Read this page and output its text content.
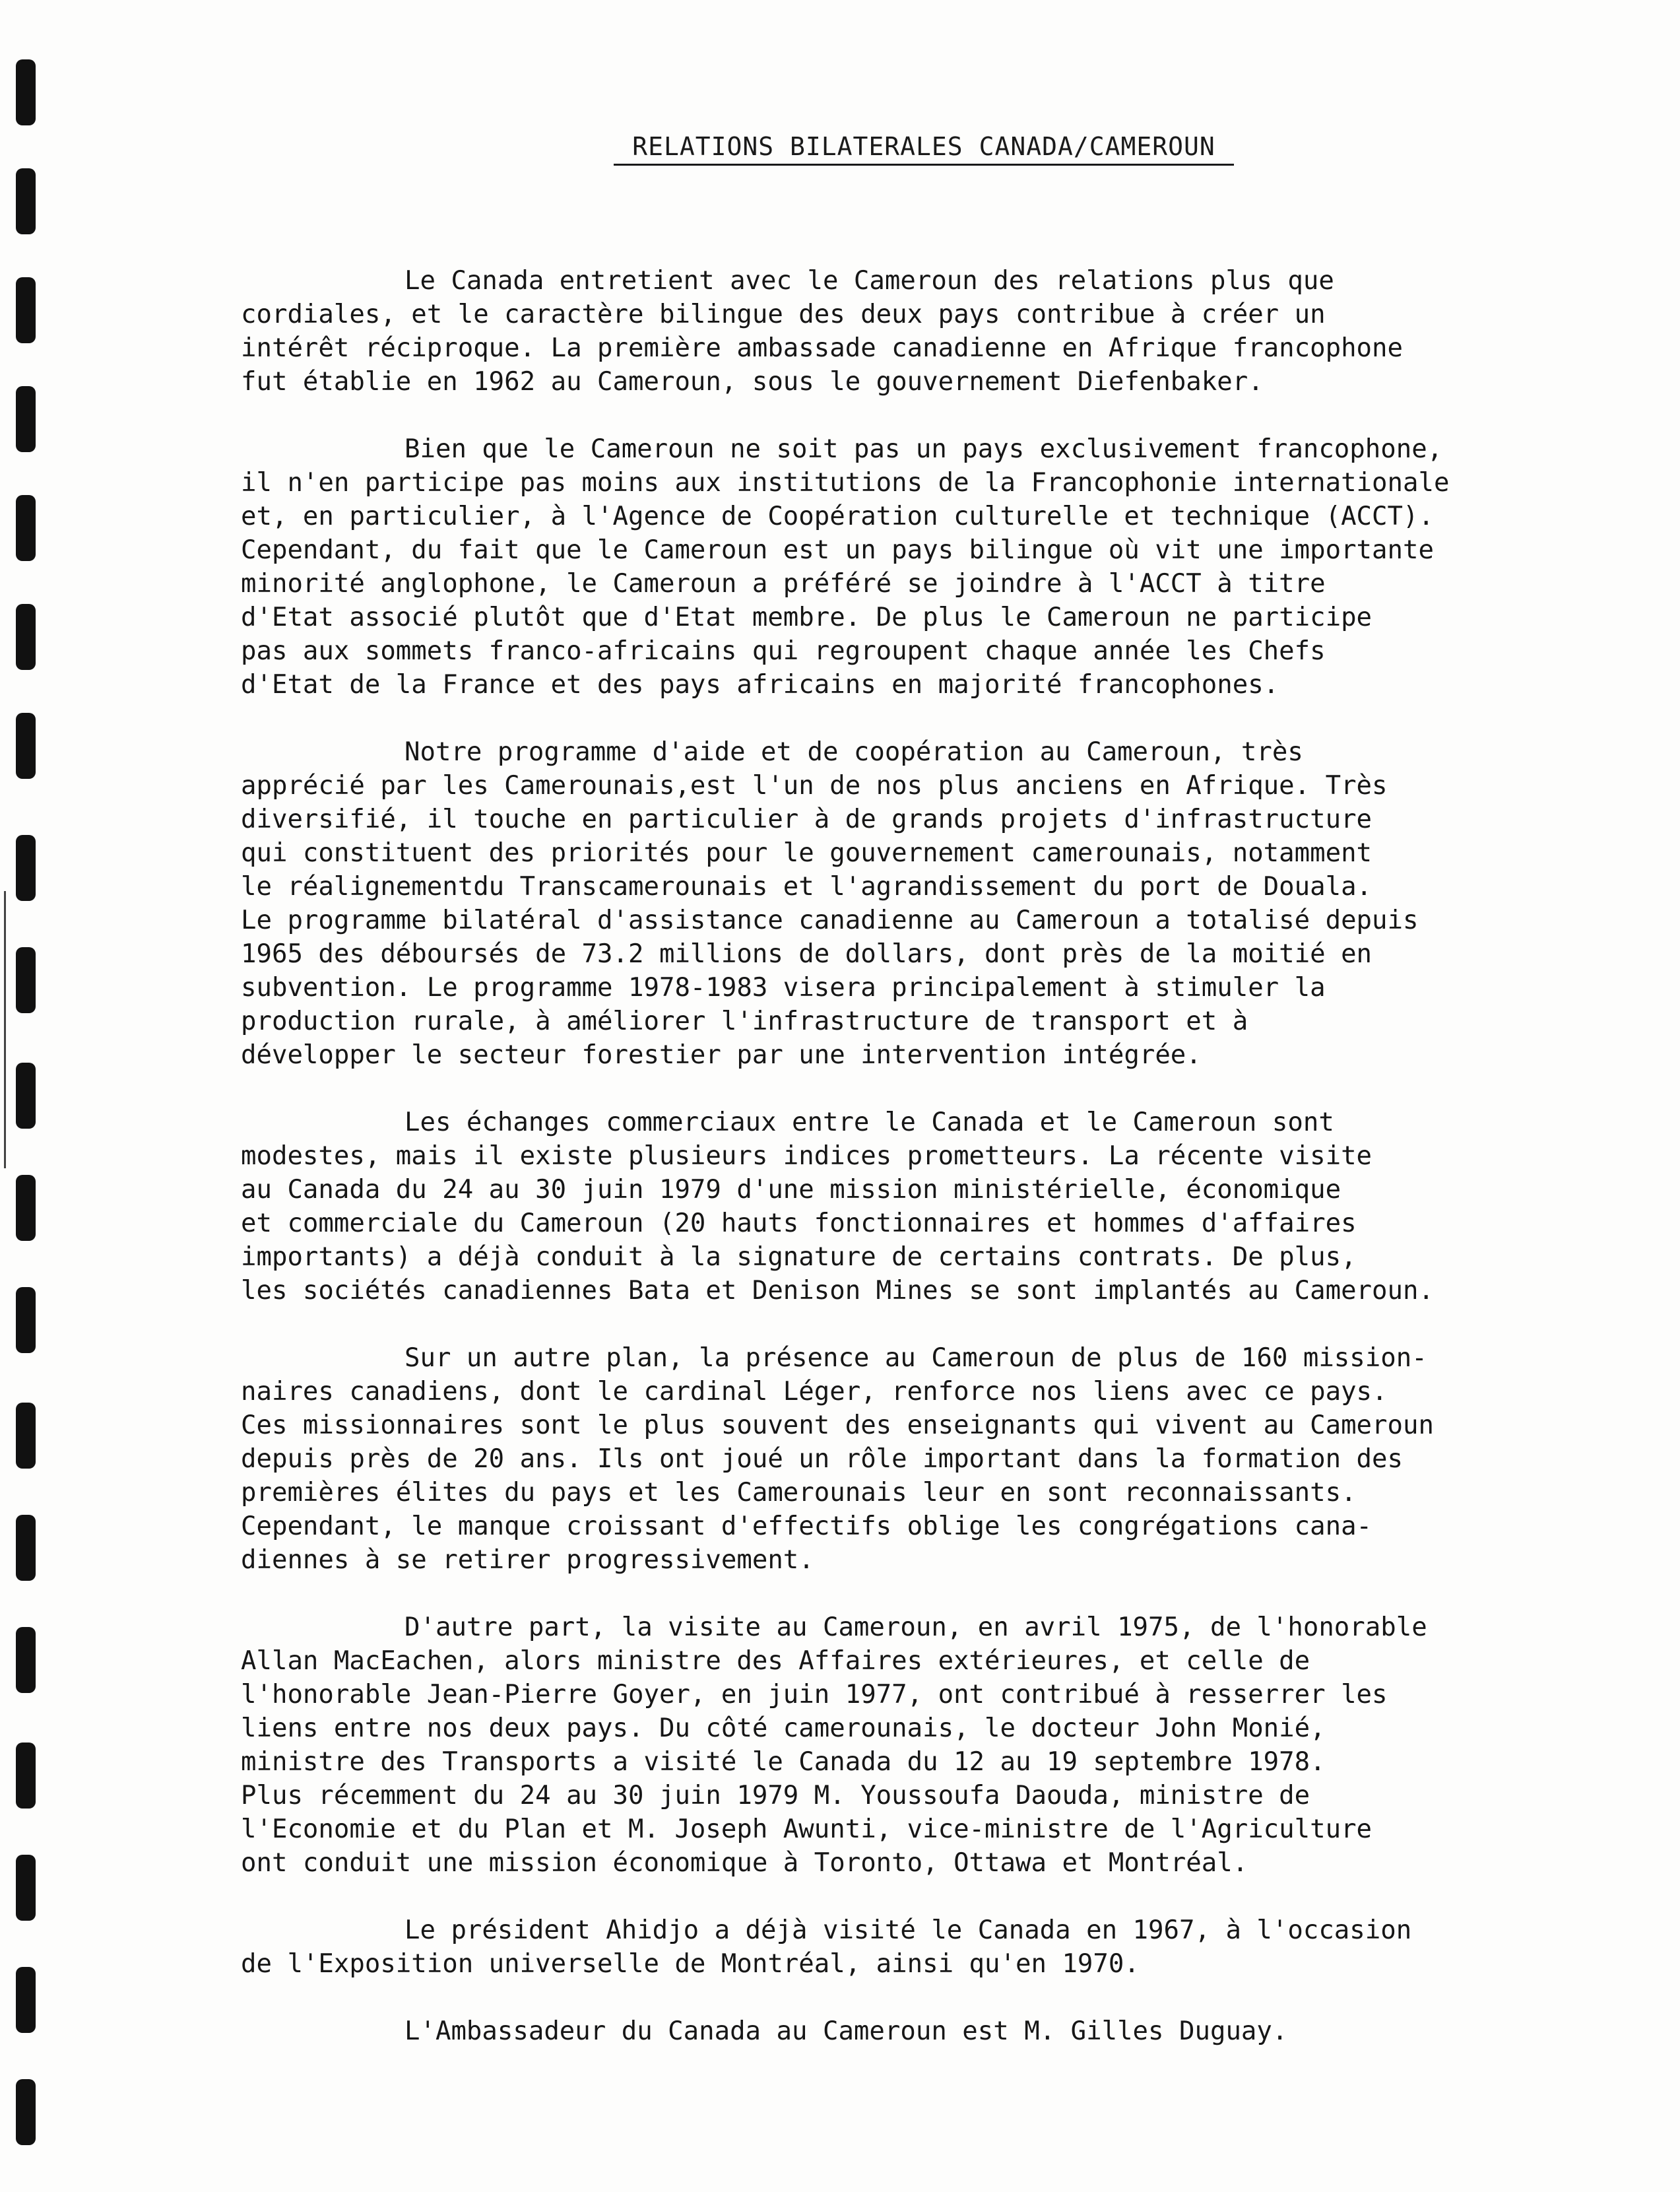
RELATIONS BILATERALES CANADA/CAMEROUN

Le Canada entretient avec le Cameroun des relations plus que
cordiales, et le caractère bilingue des deux pays contribue à créer un
intérêt réciproque. La première ambassade canadienne en Afrique francophone
fut établie en 1962 au Cameroun, sous le gouvernement Diefenbaker.

Bien que le Cameroun ne soit pas un pays exclusivement francophone,
il n'en participe pas moins aux institutions de la Francophonie internationale
et, en particulier, à l'Agence de Coopération culturelle et technique (ACCT).
Cependant, du fait que le Cameroun est un pays bilingue où vit une importante
minorité anglophone, le Cameroun a préféré se joindre à l'ACCT à titre
d'Etat associé plutôt que d'Etat membre. De plus le Cameroun ne participe
pas aux sommets franco-africains qui regroupent chaque année les Chefs
d'Etat de la France et des pays africains en majorité francophones.

Notre programme d'aide et de coopération au Cameroun, très
apprécié par les Camerounais,est l'un de nos plus anciens en Afrique. Très
diversifié, il touche en particulier à de grands projets d'infrastructure
qui constituent des priorités pour le gouvernement camerounais, notamment
le réalignementdu Transcamerounais et l'agrandissement du port de Douala.
Le programme bilatéral d'assistance canadienne au Cameroun a totalisé depuis
1965 des déboursés de 73.2 millions de dollars, dont près de la moitié en
subvention. Le programme 1978-1983 visera principalement à stimuler la
production rurale, à améliorer l'infrastructure de transport et à
développer le secteur forestier par une intervention intégrée.

Les échanges commerciaux entre le Canada et le Cameroun sont
modestes, mais il existe plusieurs indices prometteurs. La récente visite
au Canada du 24 au 30 juin 1979 d'une mission ministérielle, économique
et commerciale du Cameroun (20 hauts fonctionnaires et hommes d'affaires
importants) a déjà conduit à la signature de certains contrats. De plus,
les sociétés canadiennes Bata et Denison Mines se sont implantés au Cameroun.

Sur un autre plan, la présence au Cameroun de plus de 160 mission-
naires canadiens, dont le cardinal Léger, renforce nos liens avec ce pays.
Ces missionnaires sont le plus souvent des enseignants qui vivent au Cameroun
depuis près de 20 ans. Ils ont joué un rôle important dans la formation des
premières élites du pays et les Camerounais leur en sont reconnaissants.
Cependant, le manque croissant d'effectifs oblige les congrégations cana-
diennes à se retirer progressivement.

D'autre part, la visite au Cameroun, en avril 1975, de l'honorable
Allan MacEachen, alors ministre des Affaires extérieures, et celle de
l'honorable Jean-Pierre Goyer, en juin 1977, ont contribué à resserrer les
liens entre nos deux pays. Du côté camerounais, le docteur John Monié,
ministre des Transports a visité le Canada du 12 au 19 septembre 1978.
Plus récemment du 24 au 30 juin 1979 M. Youssoufa Daouda, ministre de
l'Economie et du Plan et M. Joseph Awunti, vice-ministre de l'Agriculture
ont conduit une mission économique à Toronto, Ottawa et Montréal.

Le président Ahidjo a déjà visité le Canada en 1967, à l'occasion
de l'Exposition universelle de Montréal, ainsi qu'en 1970.

L'Ambassadeur du Canada au Cameroun est M. Gilles Duguay.
